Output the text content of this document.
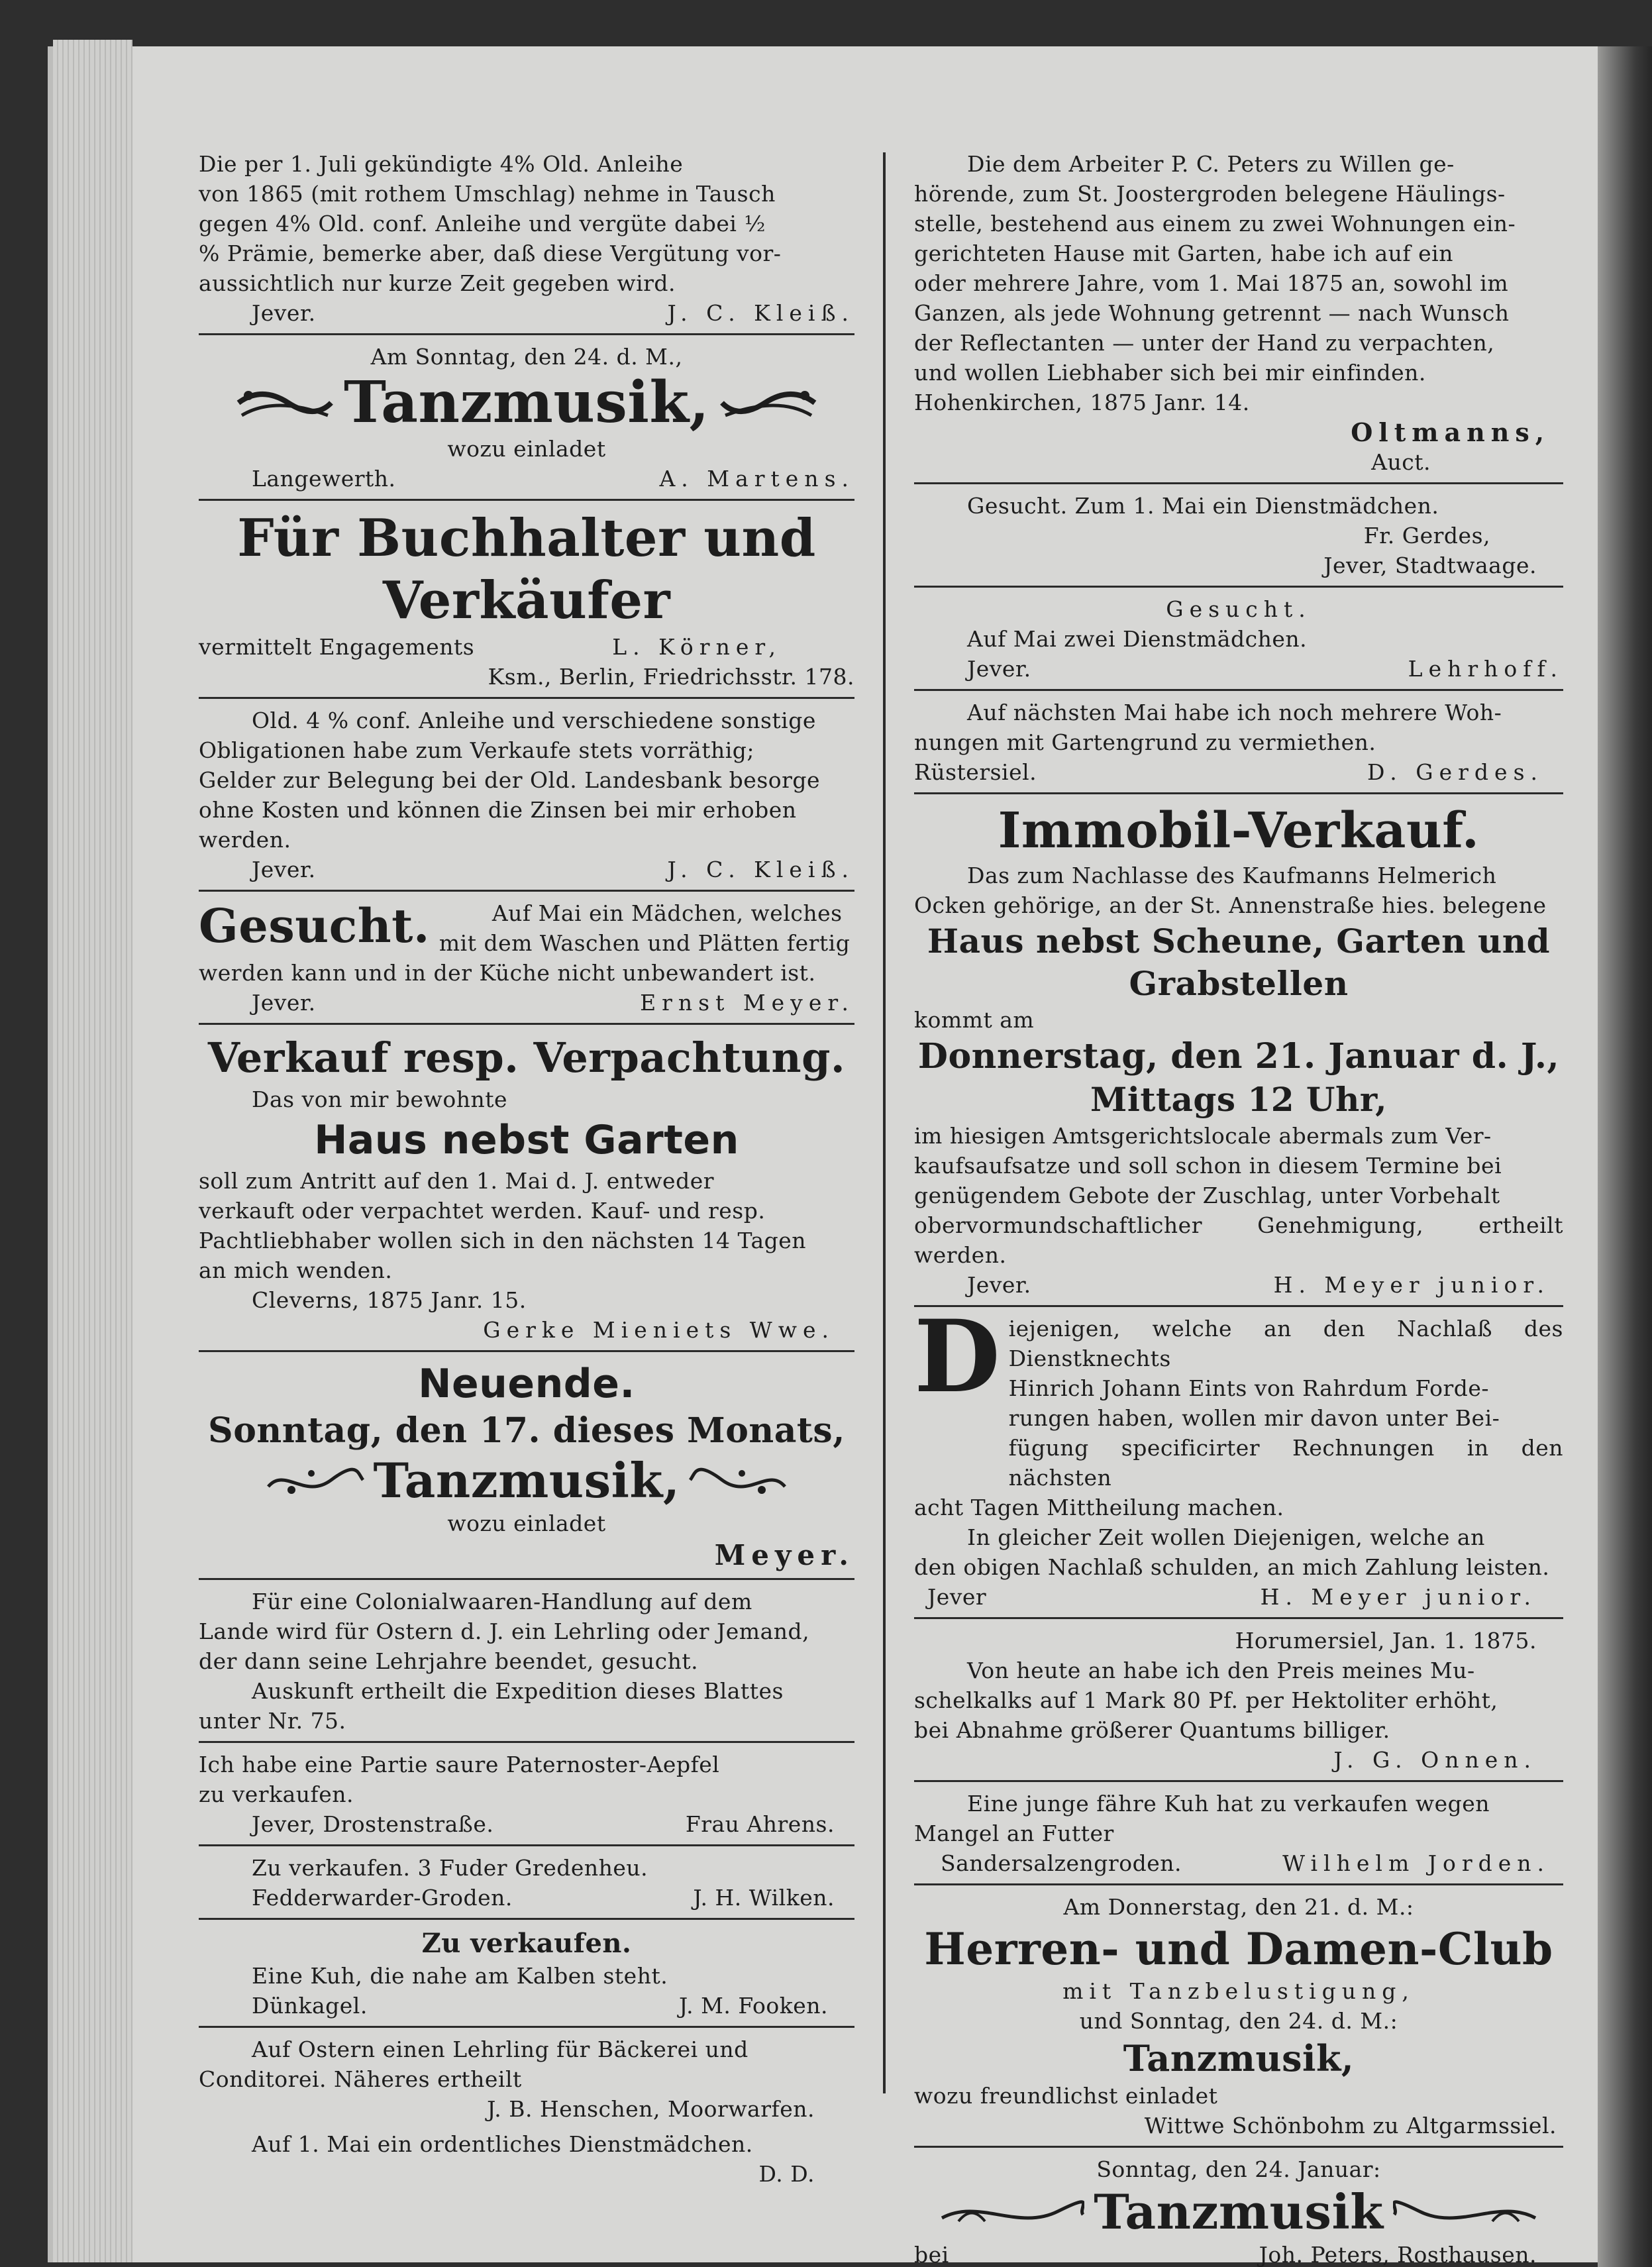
Die per 1. Juli gekündigte 4% Old. Anleihe

von 1865 (mit rothem Umschlag) nehme in Tausch

gegen 4% Old. conf. Anleihe und vergüte dabei ½

% Prämie, bemerke aber, daß diese Vergütung vor-

aussichtlich nur kurze Zeit gegeben wird.

Jever.	J. C. Kleiß.

Am Sonntag, den 24. d. M.,

Tanzmusik,

wozu einladet

Langewerth.	A. Martens.

Für Buchhalter und

Verkäufer

vermittelt Engagements	L. Körner,

Ksm., Berlin, Friedrichsstr. 178.

Old. 4 % conf. Anleihe und verschiedene sonstige

Obligationen habe zum Verkaufe stets vorräthig;

Gelder zur Belegung bei der Old. Landesbank besorge

ohne Kosten und können die Zinsen bei mir erhoben

werden.

Jever.	J. C. Kleiß.
Gesucht.	Auf Mai ein Mädchen, welches

mit dem Waschen und Plätten fertig

werden kann und in der Küche nicht unbewandert ist.

Jever.	Ernst Meyer.

Verkauf resp. Verpachtung.

Das von mir bewohnte

Haus nebst Garten

soll zum Antritt auf den 1. Mai d. J. entweder

verkauft oder verpachtet werden. Kauf- und resp.

Pachtliebhaber wollen sich in den nächsten 14 Tagen

an mich wenden.

Cleverns, 1875 Janr. 15.

Gerke Mieniets Wwe.

Neuende.

Sonntag, den 17. dieses Monats,

Tanzmusik,

wozu einladet

Meyer.

Für eine Colonialwaaren-Handlung auf dem

Lande wird für Ostern d. J. ein Lehrling oder Jemand,

der dann seine Lehrjahre beendet, gesucht.

Auskunft ertheilt die Expedition dieses Blattes

unter Nr. 75.

Ich habe eine Partie saure Paternoster-Aepfel

zu verkaufen.

Jever, Drostenstraße.	Frau Ahrens.

Zu verkaufen. 3 Fuder Gredenheu.

Fedderwarder-Groden.	J. H. Wilken.

Zu verkaufen.

Eine Kuh, die nahe am Kalben steht.

Dünkagel.	J. M. Fooken.

Auf Ostern einen Lehrling für Bäckerei und

Conditorei. Näheres ertheilt

J. B. Henschen, Moorwarfen.

Auf 1. Mai ein ordentliches Dienstmädchen.

D. D.

Die dem Arbeiter P. C. Peters zu Willen ge-

hörende, zum St. Joostergroden belegene Häulings-

stelle, bestehend aus einem zu zwei Wohnungen ein-

gerichteten Hause mit Garten, habe ich auf ein

oder mehrere Jahre, vom 1. Mai 1875 an, sowohl im

Ganzen, als jede Wohnung getrennt — nach Wunsch

der Reflectanten — unter der Hand zu verpachten,

und wollen Liebhaber sich bei mir einfinden.

Hohenkirchen, 1875 Janr. 14.

Oltmanns,

Auct.

Gesucht. Zum 1. Mai ein Dienstmädchen.

Fr. Gerdes,

Jever, Stadtwaage.

Gesucht.

Auf Mai zwei Dienstmädchen.

Jever.	Lehrhoff.

Auf nächsten Mai habe ich noch mehrere Woh-

nungen mit Gartengrund zu vermiethen.

Rüstersiel.	D. Gerdes.

Immobil-Verkauf.

Das zum Nachlasse des Kaufmanns Helmerich

Ocken gehörige, an der St. Annenstraße hies. belegene

Haus nebst Scheune, Garten und

Grabstellen

kommt am

Donnerstag, den 21. Januar d. J.,

Mittags 12 Uhr,

im hiesigen Amtsgerichtslocale abermals zum Ver-

kaufsaufsatze und soll schon in diesem Termine bei

genügendem Gebote der Zuschlag, unter Vorbehalt

obervormundschaftlicher Genehmigung, ertheilt werden.

Jever.	H. Meyer junior.
D iejenigen, welche an den Nachlaß des Dienstknechts

Hinrich Johann Eints von Rahrdum Forde-

rungen haben, wollen mir davon unter Bei-

fügung specificirter Rechnungen in den nächsten

acht Tagen Mittheilung machen.

In gleicher Zeit wollen Diejenigen, welche an

den obigen Nachlaß schulden, an mich Zahlung leisten.

Jever	H. Meyer junior.

Horumersiel, Jan. 1. 1875.

Von heute an habe ich den Preis meines Mu-

schelkalks auf 1 Mark 80 Pf. per Hektoliter erhöht,

bei Abnahme größerer Quantums billiger.

J. G. Onnen.

Eine junge fähre Kuh hat zu verkaufen wegen

Mangel an Futter

Sandersalzengroden.	Wilhelm Jorden.

Am Donnerstag, den 21. d. M.:

Herren- und Damen-Club

mit Tanzbelustigung,

und Sonntag, den 24. d. M.:

Tanzmusik,

wozu freundlichst einladet

Wittwe Schönbohm zu Altgarmssiel.

Sonntag, den 24. Januar:

Tanzmusik
bei	Joh. Peters, Rosthausen.
